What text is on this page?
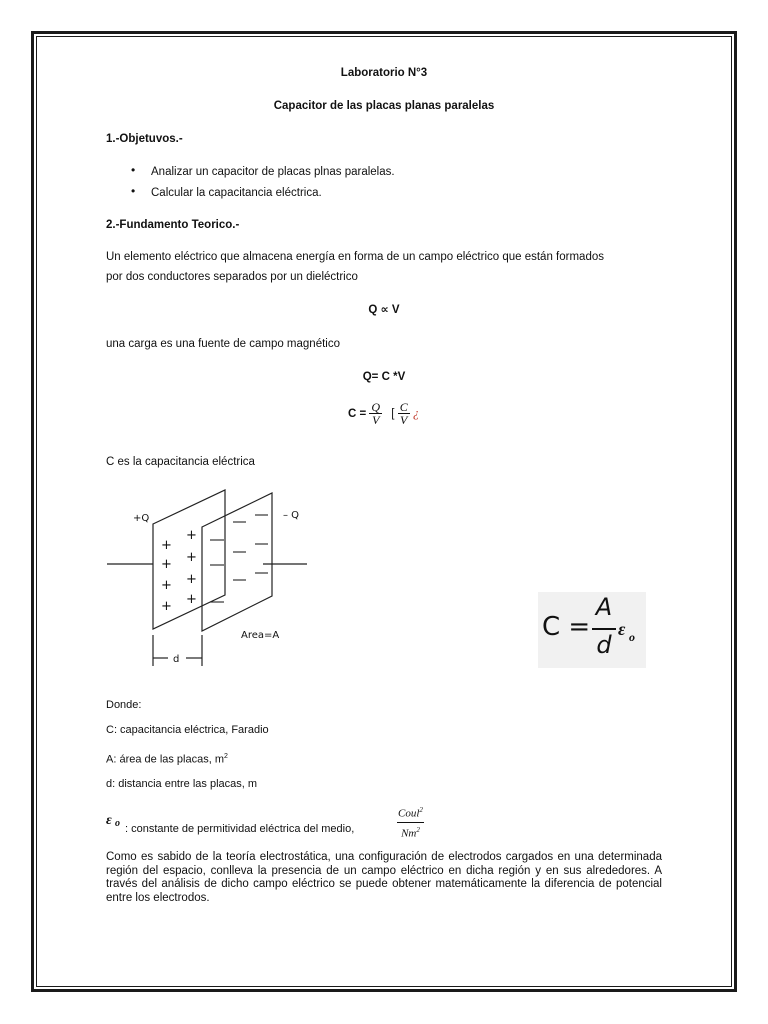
Laboratorio N°3
Capacitor de las placas planas paralelas
1.-Objetuvos.-
• Analizar un capacitor de placas plnas paralelas.
• Calcular la capacitancia eléctrica.
2.-Fundamento Teorico.-
Un elemento eléctrico que almacena energía en forma de un campo eléctrico que están formados
por dos conductores separados por un dieléctrico
Q ∝ V
una carga es una fuente de campo magnético
Q= C *V
$C = \frac{Q}{V}$ [ $\frac{C}{V}$ ¿
C es la capacitancia eléctrica
+
+
+ +
+ +
+ +
+Q	– Q
Area=A
d
C =
A
d
ε o
Donde:
C: capacitancia eléctrica, Faradio
A: área de las placas, $m^2$
d: distancia entre las placas, m
ε o : constante de permitividad eléctrica del medio,
Coul$^2$
Nm$^2$
Como es sabido de la teoría electrostática, una configuración de electrodos cargados en una determinada región del espacio, conlleva la presencia de un campo eléctrico en dicha región y en sus alrededores. A través del análisis de dicho campo eléctrico se puede obtener matemáticamente la diferencia de potencial entre los electrodos.
